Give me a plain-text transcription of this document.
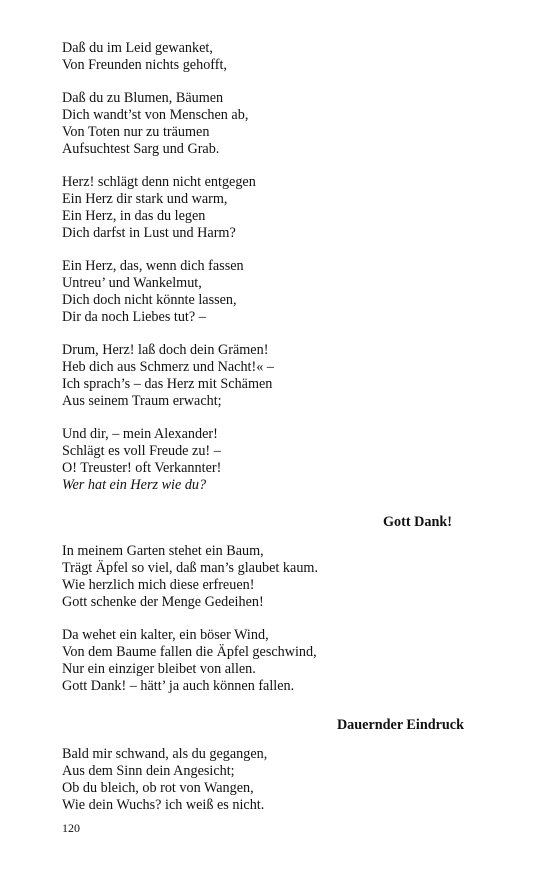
Daß du im Leid gewanket,
Von Freunden nichts gehofft,
Daß du zu Blumen, Bäumen
Dich wandt’st von Menschen ab,
Von Toten nur zu träumen
Aufsuchtest Sarg und Grab.
Herz! schlägt denn nicht entgegen
Ein Herz dir stark und warm,
Ein Herz, in das du legen
Dich darfst in Lust und Harm?
Ein Herz, das, wenn dich fassen
Untreu’ und Wankelmut,
Dich doch nicht könnte lassen,
Dir da noch Liebes tut? –
Drum, Herz! laß doch dein Grämen!
Heb dich aus Schmerz und Nacht!« –
Ich sprach’s – das Herz mit Schämen
Aus seinem Traum erwacht;
Und dir, – mein Alexander!
Schlägt es voll Freude zu! –
O! Treuster! oft Verkannter!
Wer hat ein Herz wie du?
Gott Dank!
In meinem Garten stehet ein Baum,
Trägt Äpfel so viel, daß man’s glaubet kaum.
Wie herzlich mich diese erfreuen!
Gott schenke der Menge Gedeihen!
Da wehet ein kalter, ein böser Wind,
Von dem Baume fallen die Äpfel geschwind,
Nur ein einziger bleibet von allen.
Gott Dank! – hätt’ ja auch können fallen.
Dauernder Eindruck
Bald mir schwand, als du gegangen,
Aus dem Sinn dein Angesicht;
Ob du bleich, ob rot von Wangen,
Wie dein Wuchs? ich weiß es nicht.
120
